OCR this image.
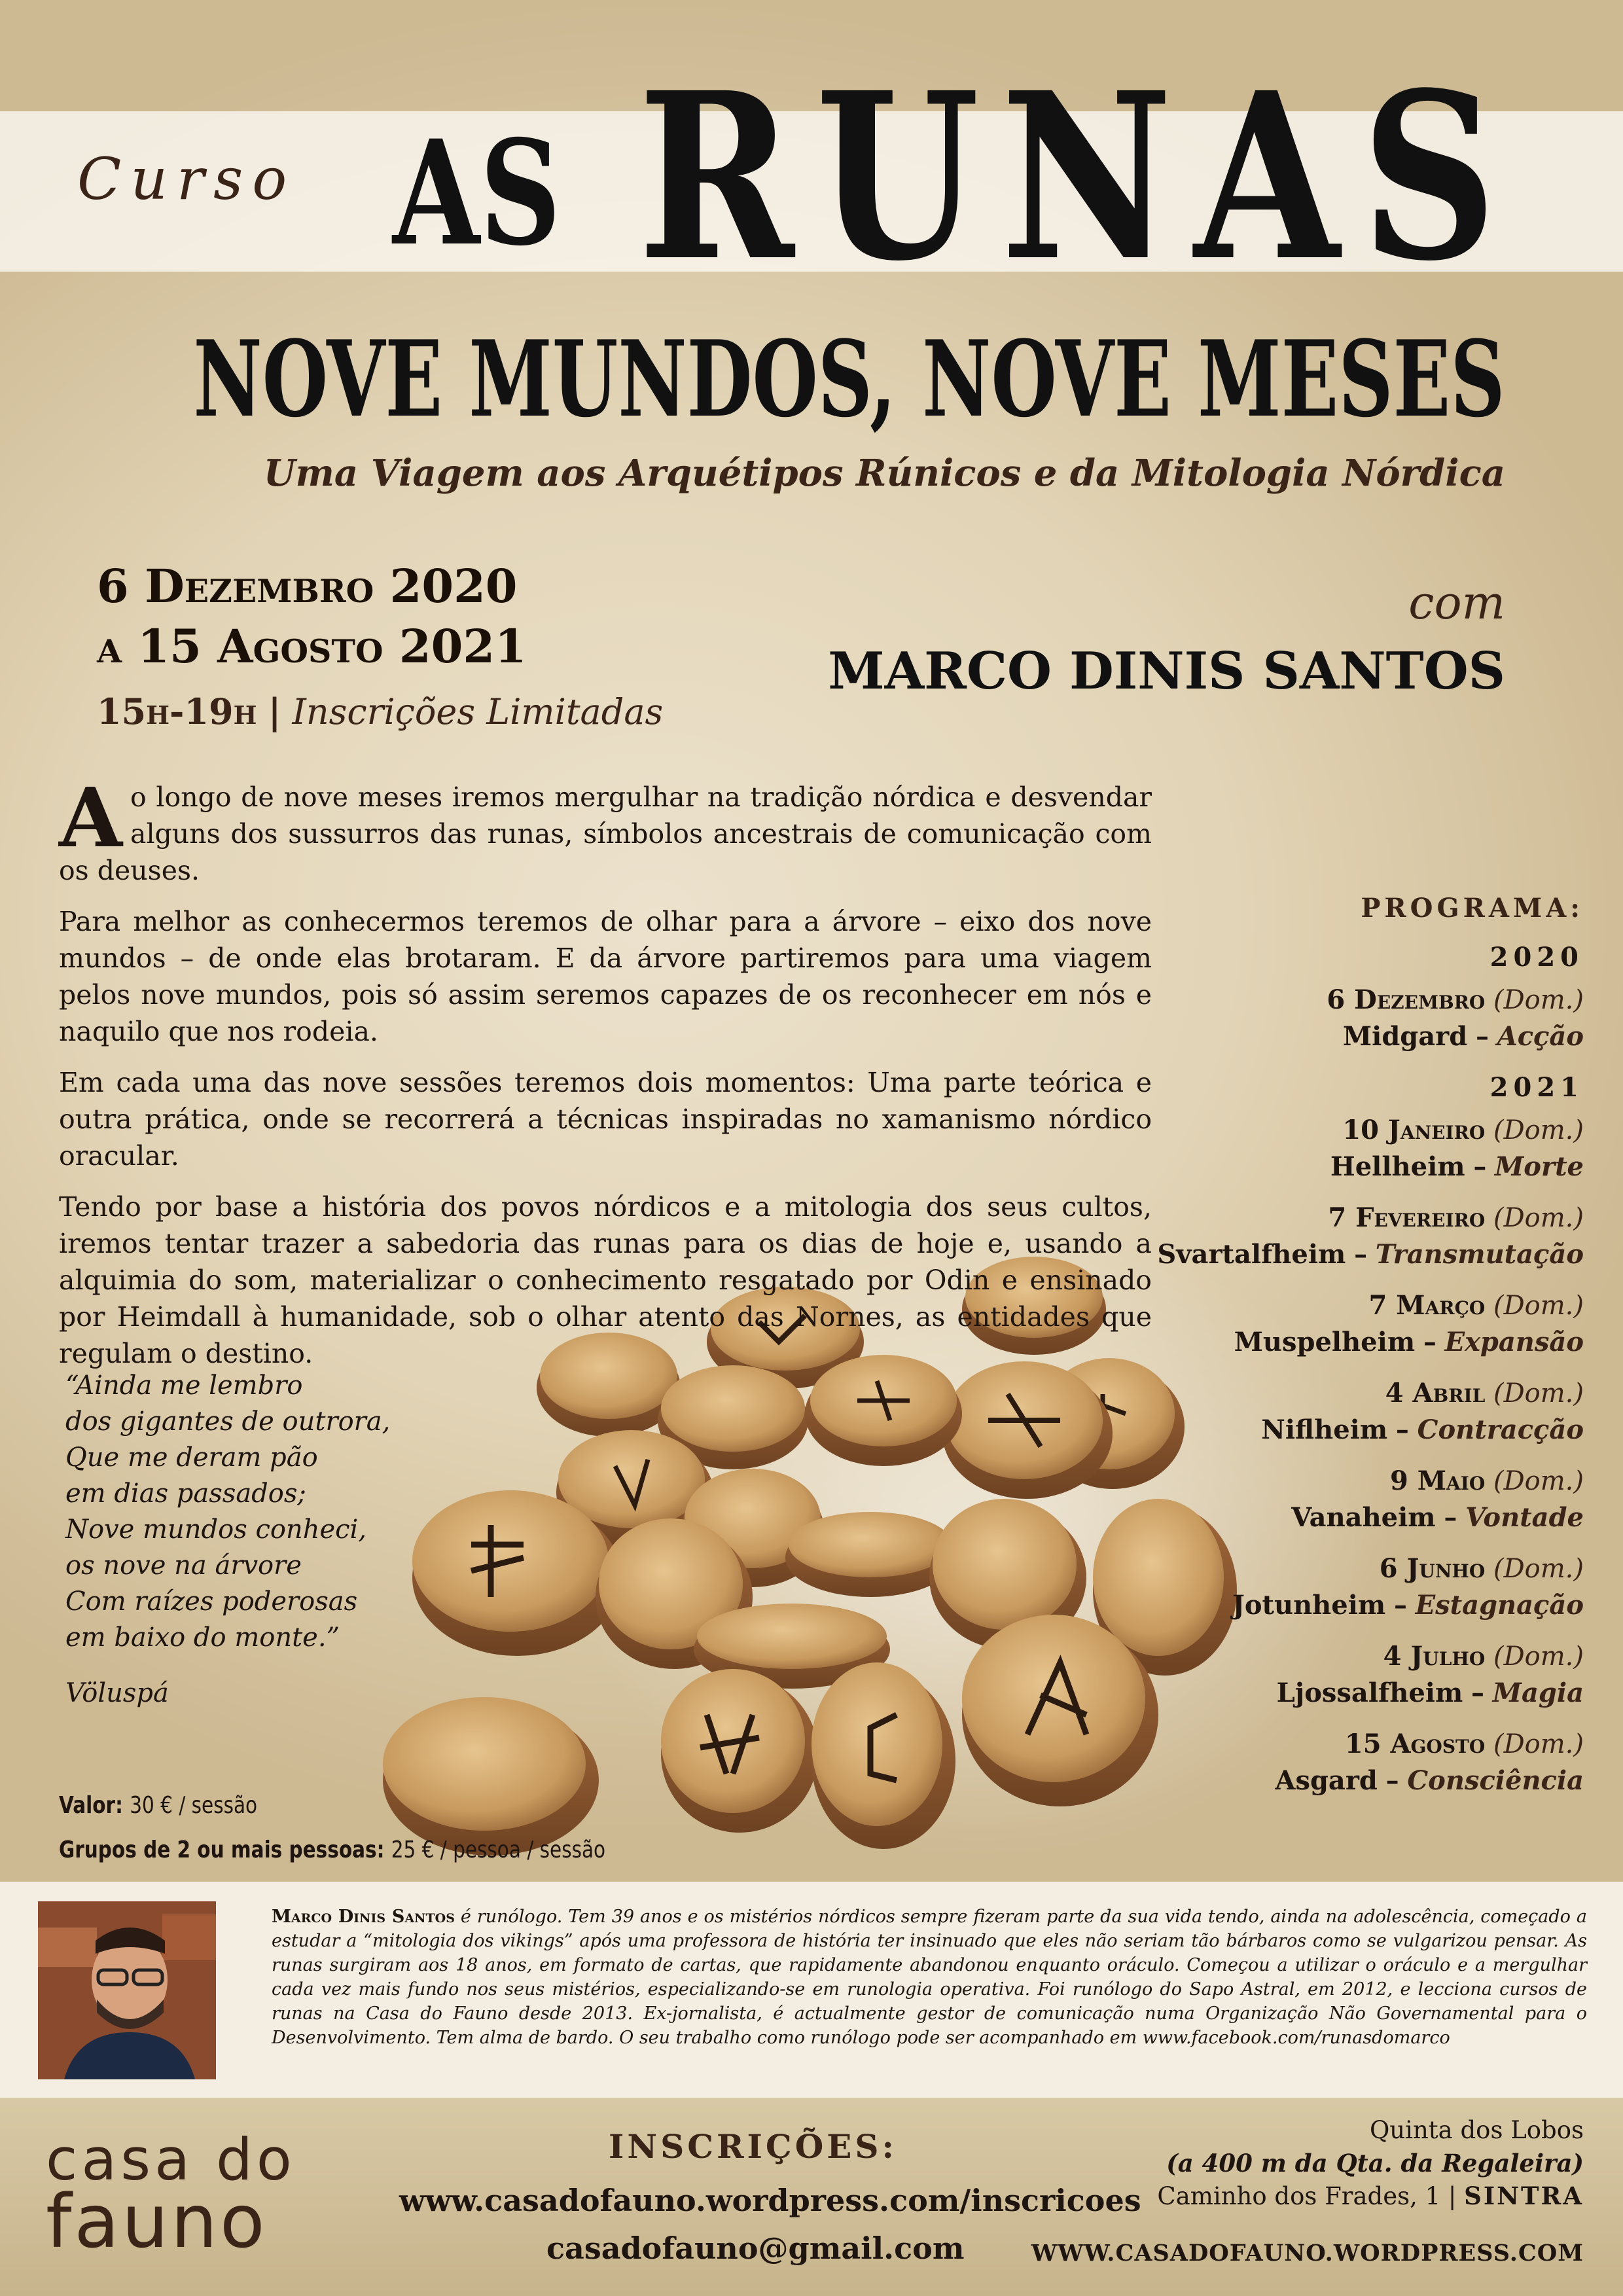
Curso AS RUNAS
NOVE MUNDOS, NOVE MESES
Uma Viagem aos Arquétipos Rúnicos e da Mitologia Nórdica
6 Dezembro 2020
a 15 Agosto 2021
15h-19h | Inscrições Limitadas
com
MARCO DINIS SANTOS

Ao longo de nove meses iremos mergulhar na tradição nórdica e desvendar alguns dos sussurros das runas, símbolos ancestrais de comunicação com os deuses.

Para melhor as conhecermos teremos de olhar para a árvore – eixo dos nove mundos – de onde elas brotaram. E da árvore partiremos para uma viagem pelos nove mundos, pois só assim seremos capazes de os reconhecer em nós e naquilo que nos rodeia.

Em cada uma das nove sessões teremos dois momentos: Uma parte teórica e outra prática, onde se recorrerá a técnicas inspiradas no xamanismo nórdico oracular.

Tendo por base a história dos povos nórdicos e a mitologia dos seus cultos, iremos tentar trazer a sabedoria das runas para os dias de hoje e, usando a alquimia do som, materializar o conhecimento resgatado por Odin e ensinado por Heimdall à humanidade, sob o olhar atento das Nornes, as entidades que regulam o destino.

“Ainda me lembro
dos gigantes de outrora,
Que me deram pão
em dias passados;
Nove mundos conheci,
os nove na árvore
Com raízes poderosas
em baixo do monte.”
Völuspá
Valor: 30 € / sessão
Grupos de 2 ou mais pessoas: 25 € / pessoa / sessão
PROGRAMA:
2020
6 Dezembro (Dom.)
Midgard – Acção
2021
10 Janeiro (Dom.)
Hellheim – Morte
7 Fevereiro (Dom.)
Svartalfheim – Transmutação
7 Março (Dom.)
Muspelheim – Expansão
4 Abril (Dom.)
Niflheim – Contracção
9 Maio (Dom.)
Vanaheim – Vontade
6 Junho (Dom.)
Jotunheim – Estagnação
4 Julho (Dom.)
Ljossalfheim – Magia
15 Agosto (Dom.)
Asgard – Consciência
Marco Dinis Santos é runólogo. Tem 39 anos e os mistérios nórdicos sempre fizeram parte da sua vida tendo, ainda na adolescência, começado a estudar a “mitologia dos vikings” após uma professora de história ter insinuado que eles não seriam tão bárbaros como se vulgarizou pensar. As runas surgiram aos 18 anos, em formato de cartas, que rapidamente abandonou enquanto oráculo. Começou a utilizar o oráculo e a mergulhar cada vez mais fundo nos seus mistérios, especializando-se em runologia operativa. Foi runólogo do Sapo Astral, em 2012, e lecciona cursos de runas na Casa do Fauno desde 2013. Ex-jornalista, é actualmente gestor de comunicação numa Organização Não Governamental para o Desenvolvimento. Tem alma de bardo. O seu trabalho como runólogo pode ser acompanhado em www.facebook.com/runasdomarco
casa do
fauno
INSCRIÇÕES:
www.casadofauno.wordpress.com/inscricoes
casadofauno@gmail.com
Quinta dos Lobos
(a 400 m da Qta. da Regaleira)
Caminho dos Frades, 1 | SINTRA
WWW.CASADOFAUNO.WORDPRESS.COM
